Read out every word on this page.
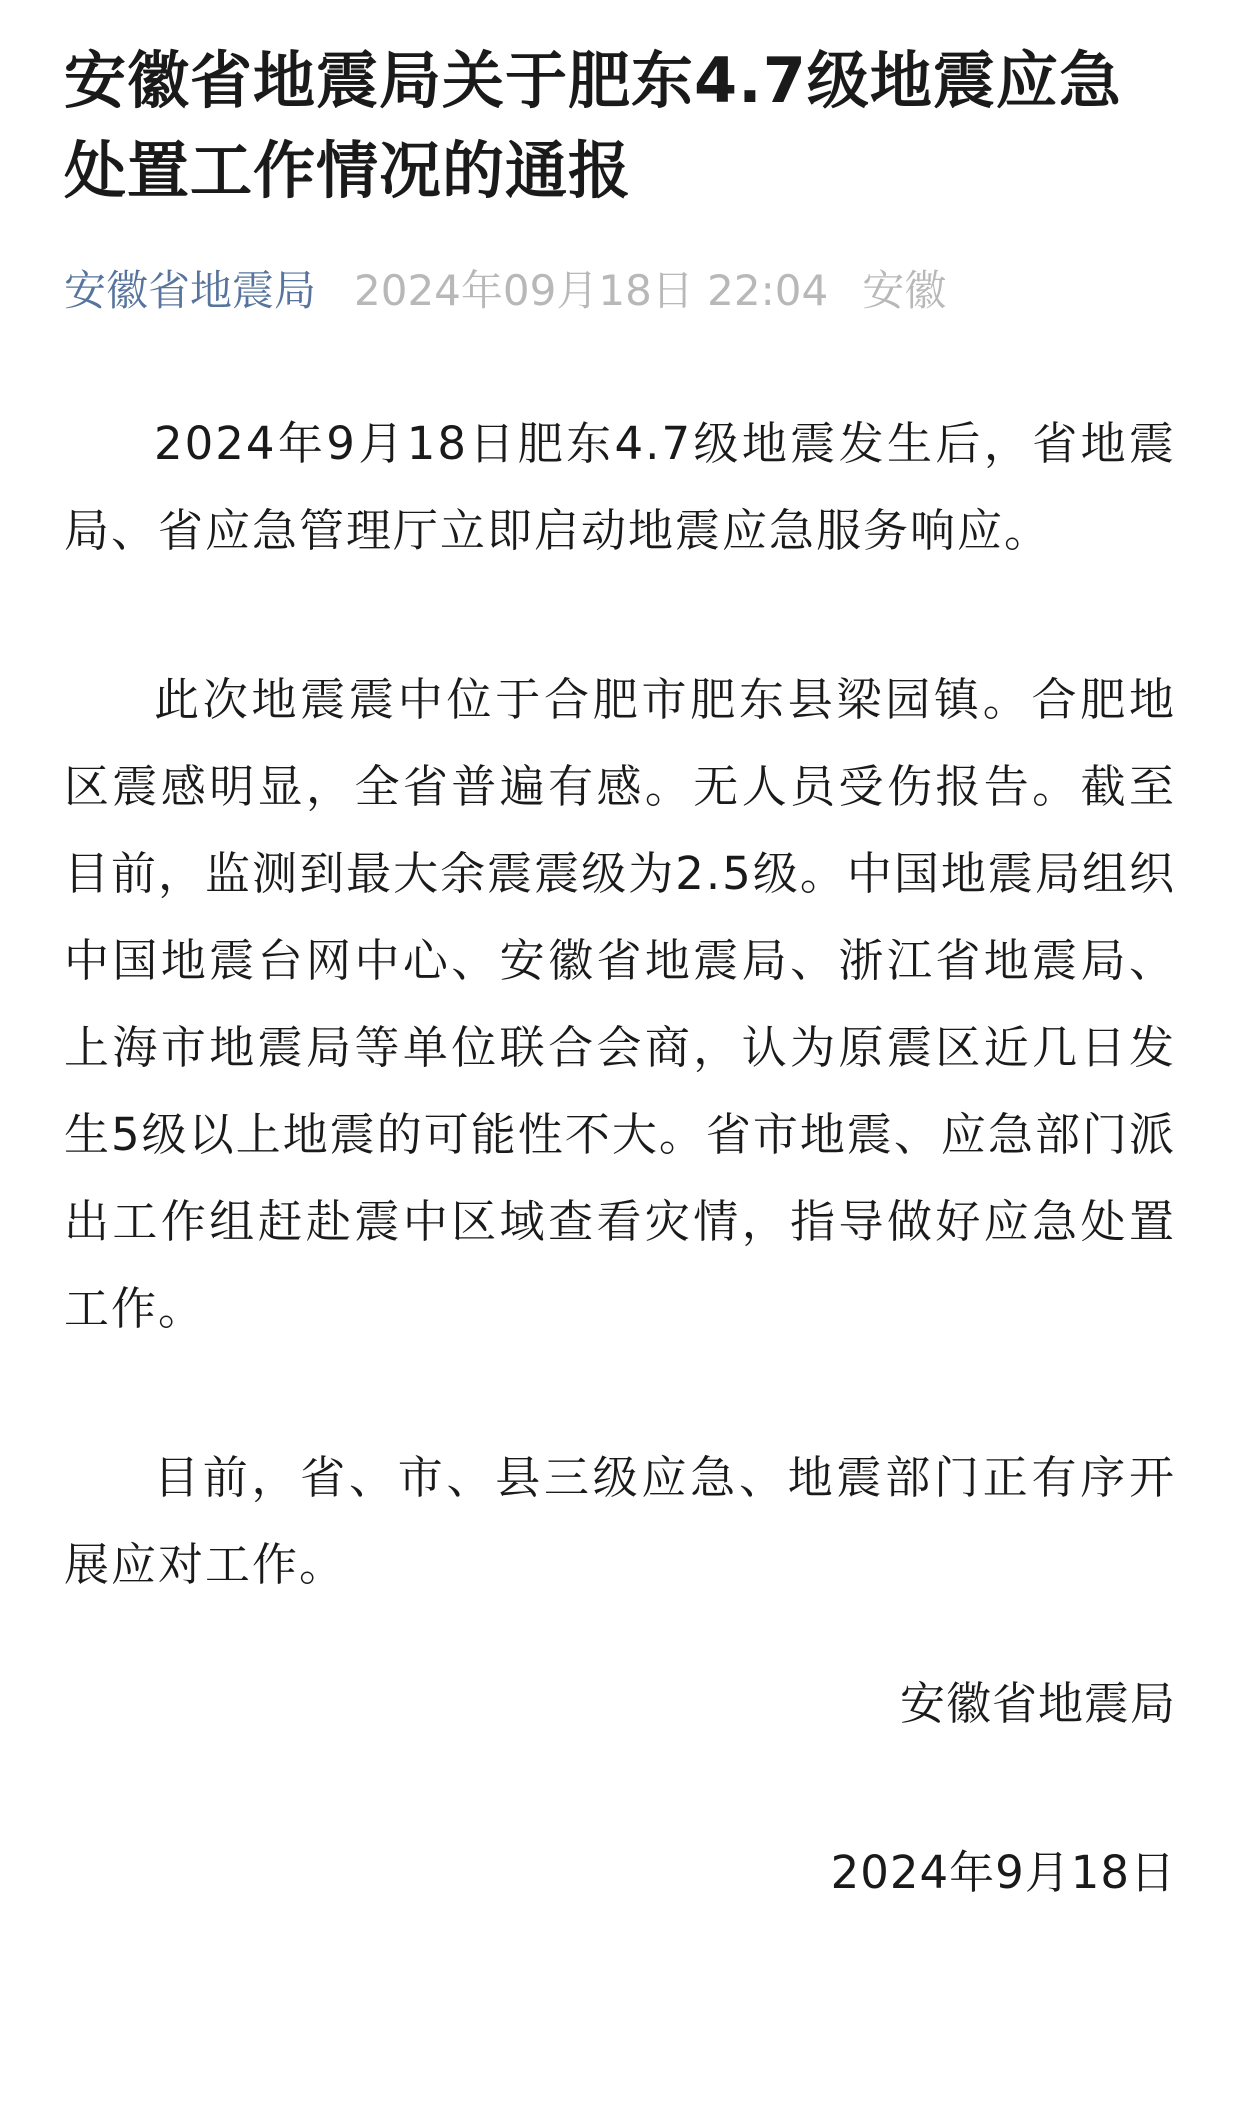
安徽省地震局关于肥东4.7级地震应急处置工作情况的通报
安徽省地震局 2024年09月18日 22:04 安徽

2024年9月18日肥东4.7级地震发生后，省地震局、省应急管理厅立即启动地震应急服务响应。

此次地震震中位于合肥市肥东县梁园镇。合肥地区震感明显，全省普遍有感。无人员受伤报告。截至目前，监测到最大余震震级为2.5级。中国地震局组织中国地震台网中心、安徽省地震局、浙江省地震局、上海市地震局等单位联合会商，认为原震区近几日发生5级以上地震的可能性不大。省市地震、应急部门派出工作组赶赴震中区域查看灾情，指导做好应急处置工作。

目前，省、市、县三级应急、地震部门正有序开展应对工作。

安徽省地震局

2024年9月18日
